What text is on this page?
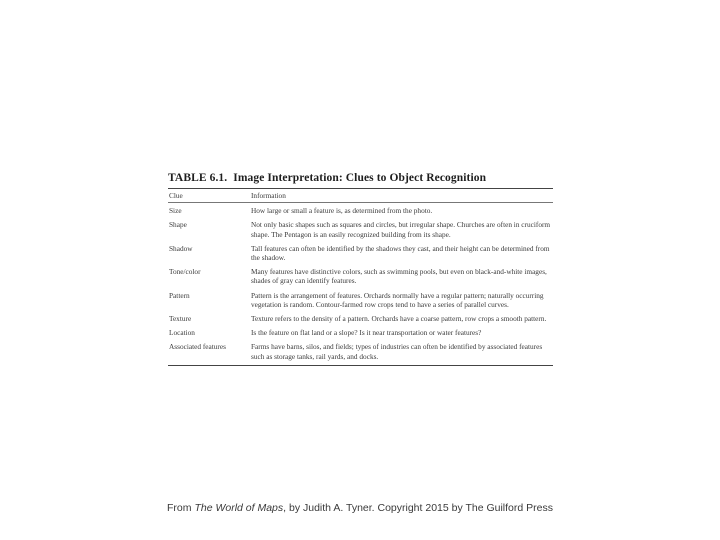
TABLE 6.1. Image Interpretation: Clues to Object Recognition
Clue	Information
Size	How large or small a feature is, as determined from the photo.
Shape	Not only basic shapes such as squares and circles, but irregular shape. Churches are often in cruciform shape. The Pentagon is an easily recognized building from its shape.
Shadow	Tall features can often be identified by the shadows they cast, and their height can be determined from the shadow.
Tone/color	Many features have distinctive colors, such as swimming pools, but even on black-and-white images, shades of gray can identify features.
Pattern	Pattern is the arrangement of features. Orchards normally have a regular pattern; naturally occurring vegetation is random. Contour-farmed row crops tend to have a series of parallel curves.
Texture	Texture refers to the density of a pattern. Orchards have a coarse pattern, row crops a smooth pattern.
Location	Is the feature on flat land or a slope? Is it near transportation or water features?
Associated features	Farms have barns, silos, and fields; types of industries can often be identified by associated features such as storage tanks, rail yards, and docks.
From The World of Maps, by Judith A. Tyner. Copyright 2015 by The Guilford Press
